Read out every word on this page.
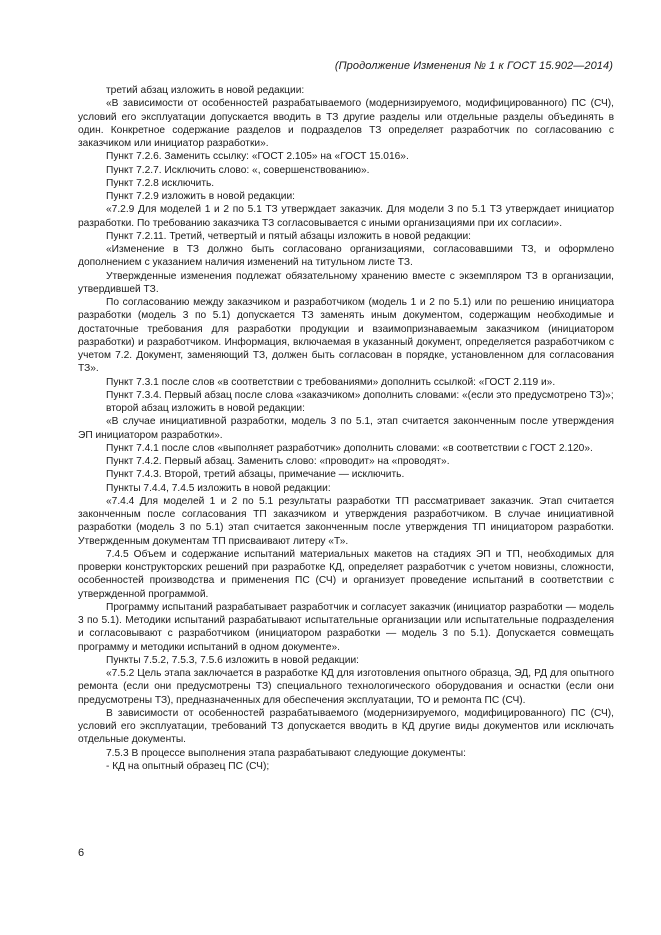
(Продолжение Изменения № 1 к ГОСТ 15.902—2014)

третий абзац изложить в новой редакции:

«В зависимости от особенностей разрабатываемого (модернизируемого, модифицированного) ПС (СЧ), условий его эксплуатации допускается вводить в ТЗ другие разделы или отдельные разделы объединять в один. Конкретное содержание разделов и подразделов ТЗ определяет разработчик по согласованию с заказчиком или инициатор разработки».

Пункт 7.2.6. Заменить ссылку: «ГОСТ 2.105» на «ГОСТ 15.016».

Пункт 7.2.7. Исключить слово: «, совершенствованию».

Пункт 7.2.8 исключить.

Пункт 7.2.9 изложить в новой редакции:

«7.2.9 Для моделей 1 и 2 по 5.1 ТЗ утверждает заказчик. Для модели 3 по 5.1 ТЗ утверждает инициатор разработки. По требованию заказчика ТЗ согласовывается с иными организациями при их согласии».

Пункт 7.2.11. Третий, четвертый и пятый абзацы изложить в новой редакции:

«Изменение в ТЗ должно быть согласовано организациями, согласовавшими ТЗ, и оформлено дополнением с указанием наличия изменений на титульном листе ТЗ.

Утвержденные изменения подлежат обязательному хранению вместе с экземпляром ТЗ в организации, утвердившей ТЗ.

По согласованию между заказчиком и разработчиком (модель 1 и 2 по 5.1) или по решению инициатора разработки (модель 3 по 5.1) допускается ТЗ заменять иным документом, содержащим необходимые и достаточные требования для разработки продукции и взаимопризнаваемым заказчиком (инициатором разработки) и разработчиком. Информация, включаемая в указанный документ, определяется разработчиком с учетом 7.2. Документ, заменяющий ТЗ, должен быть согласован в порядке, установленном для согласования ТЗ».

Пункт 7.3.1 после слов «в соответствии с требованиями» дополнить ссылкой: «ГОСТ 2.119 и».

Пункт 7.3.4. Первый абзац после слова «заказчиком» дополнить словами: «(если это предусмотрено ТЗ)»;

второй абзац изложить в новой редакции:

«В случае инициативной разработки, модель 3 по 5.1, этап считается законченным после утверждения ЭП инициатором разработки».

Пункт 7.4.1 после слов «выполняет разработчик» дополнить словами: «в соответствии с ГОСТ 2.120».

Пункт 7.4.2. Первый абзац. Заменить слово: «проводит» на «проводят».

Пункт 7.4.3. Второй, третий абзацы, примечание — исключить.

Пункты 7.4.4, 7.4.5 изложить в новой редакции:

«7.4.4 Для моделей 1 и 2 по 5.1 результаты разработки ТП рассматривает заказчик. Этап считается законченным после согласования ТП заказчиком и утверждения разработчиком. В случае инициативной разработки (модель 3 по 5.1) этап считается законченным после утверждения ТП инициатором разработки. Утвержденным документам ТП присваивают литеру «Т».

7.4.5 Объем и содержание испытаний материальных макетов на стадиях ЭП и ТП, необходимых для проверки конструкторских решений при разработке КД, определяет разработчик с учетом новизны, сложности, особенностей производства и применения ПС (СЧ) и организует проведение испытаний в соответствии с утвержденной программой.

Программу испытаний разрабатывает разработчик и согласует заказчик (инициатор разработки — модель 3 по 5.1). Методики испытаний разрабатывают испытательные организации или испытательные подразделения и согласовывают с разработчиком (инициатором разработки — модель 3 по 5.1). Допускается совмещать программу и методики испытаний в одном документе».

Пункты 7.5.2, 7.5.3, 7.5.6 изложить в новой редакции:

«7.5.2 Цель этапа заключается в разработке КД для изготовления опытного образца, ЭД, РД для опытного ремонта (если они предусмотрены ТЗ) специального технологического оборудования и оснастки (если они предусмотрены ТЗ), предназначенных для обеспечения эксплуатации, ТО и ремонта ПС (СЧ).

В зависимости от особенностей разрабатываемого (модернизируемого, модифицированного) ПС (СЧ), условий его эксплуатации, требований ТЗ допускается вводить в КД другие виды документов или исключать отдельные документы.

7.5.3 В процессе выполнения этапа разрабатывают следующие документы:

- КД на опытный образец ПС (СЧ);

6
